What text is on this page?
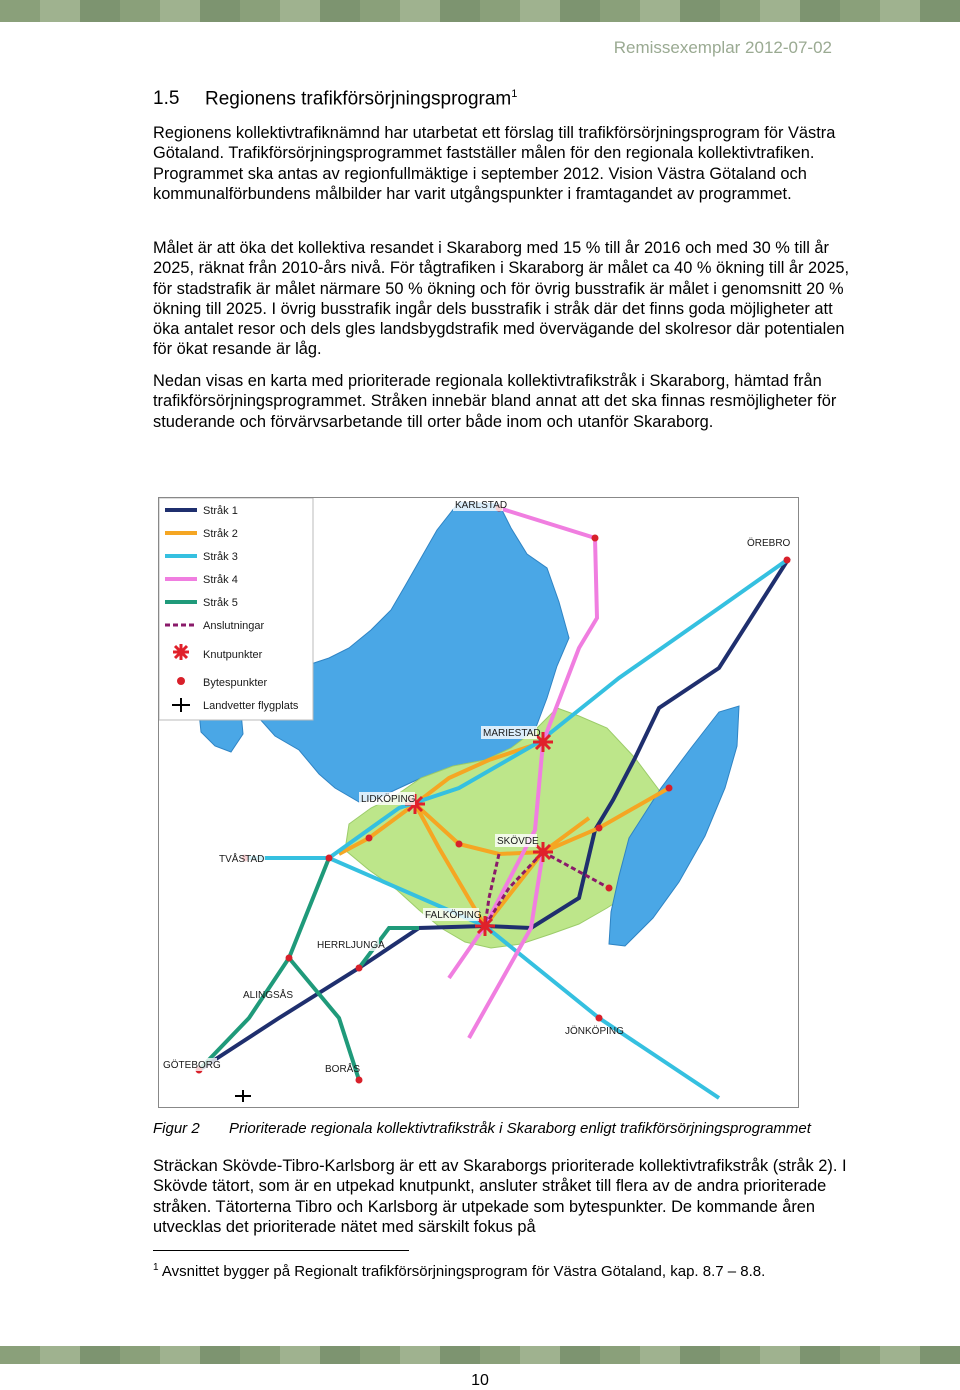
Remissexemplar 2012-07-02
1.5 Regionens trafikförsörjningsprogram$^1$

Regionens kollektivtrafiknämnd har utarbetat ett förslag till trafikförsörjningsprogram för Västra Götaland. Trafikförsörjningsprogrammet fastställer målen för den regionala kollektivtrafiken. Programmet ska antas av regionfullmäktige i september 2012. Vision Västra Götaland och kommunalförbundens målbilder har varit utgångspunkter i framtagandet av programmet.

Målet är att öka det kollektiva resandet i Skaraborg med 15 % till år 2016 och med 30 % till år 2025, räknat från 2010-års nivå. För tågtrafiken i Skaraborg är målet ca 40 % ökning till år 2025, för stadstrafik är målet närmare 50 % ökning och för övrig busstrafik är målet i genomsnitt 20 % ökning till 2025. I övrig busstrafik ingår dels busstrafik i stråk där det finns goda möjligheter att öka antalet resor och dels gles landsbygdstrafik med övervägande del skolresor där potentialen för ökat resande är låg.

Nedan visas en karta med prioriterade regionala kollektivtrafikstråk i Skaraborg, hämtad från trafikförsörjningsprogrammet. Stråken innebär bland annat att det ska finnas resmöjligheter för studerande och förvärvsarbetande till orter både inom och utanför Skaraborg.

KARLSTAD
ÖREBRO
MARIESTAD
LIDKÖPING
SKÖVDE
TVÅSTAD
FALKÖPING
HERRLJUNGA
ALINGSÅS
GÖTEBORG	BORÅS
JÖNKÖPING
Stråk 1
Stråk 2
Stråk 3
Stråk 4
Stråk 5
Anslutningar
Knutpunkter
Bytespunkter
Landvetter flygplats
Figur 2 Prioriterade regionala kollektivtrafikstråk i Skaraborg enligt trafikförsörjningsprogrammet

Sträckan Skövde-Tibro-Karlsborg är ett av Skaraborgs prioriterade kollektivtrafikstråk (stråk 2). I Skövde tätort, som är en utpekad knutpunkt, ansluter stråket till flera av de andra prioriterade stråken. Tätorterna Tibro och Karlsborg är utpekade som bytespunkter. De kommande åren utvecklas det prioriterade nätet med särskilt fokus på

$^1$ Avsnittet bygger på Regionalt trafikförsörjningsprogram för Västra Götaland, kap. 8.7 – 8.8.
10
